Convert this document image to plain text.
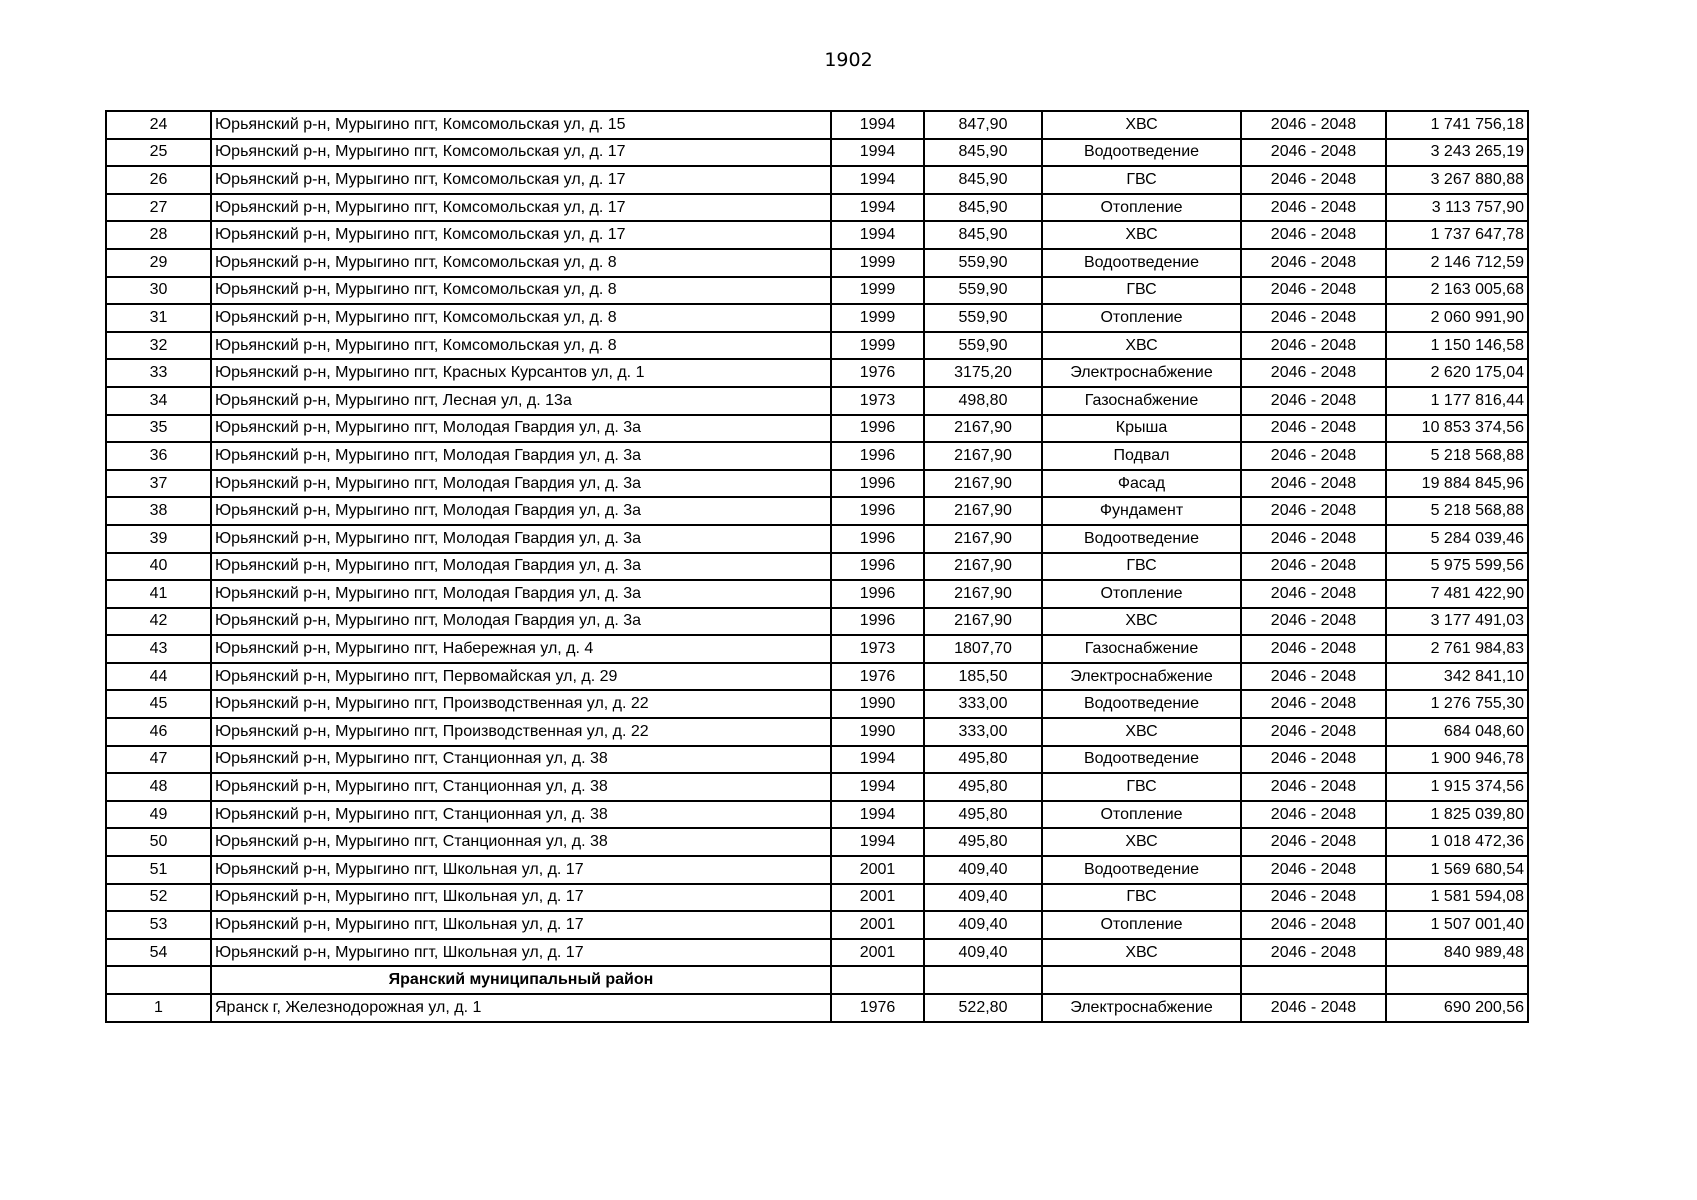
1902
24	Юрьянский р-н, Мурыгино пгт, Комсомольская ул, д. 15	1994	847,90	ХВС	2046 - 2048	1 741 756,18
25	Юрьянский р-н, Мурыгино пгт, Комсомольская ул, д. 17	1994	845,90	Водоотведение	2046 - 2048	3 243 265,19
26	Юрьянский р-н, Мурыгино пгт, Комсомольская ул, д. 17	1994	845,90	ГВС	2046 - 2048	3 267 880,88
27	Юрьянский р-н, Мурыгино пгт, Комсомольская ул, д. 17	1994	845,90	Отопление	2046 - 2048	3 113 757,90
28	Юрьянский р-н, Мурыгино пгт, Комсомольская ул, д. 17	1994	845,90	ХВС	2046 - 2048	1 737 647,78
29	Юрьянский р-н, Мурыгино пгт, Комсомольская ул, д. 8	1999	559,90	Водоотведение	2046 - 2048	2 146 712,59
30	Юрьянский р-н, Мурыгино пгт, Комсомольская ул, д. 8	1999	559,90	ГВС	2046 - 2048	2 163 005,68
31	Юрьянский р-н, Мурыгино пгт, Комсомольская ул, д. 8	1999	559,90	Отопление	2046 - 2048	2 060 991,90
32	Юрьянский р-н, Мурыгино пгт, Комсомольская ул, д. 8	1999	559,90	ХВС	2046 - 2048	1 150 146,58
33	Юрьянский р-н, Мурыгино пгт, Красных Курсантов ул, д. 1	1976	3175,20	Электроснабжение	2046 - 2048	2 620 175,04
34	Юрьянский р-н, Мурыгино пгт, Лесная ул, д. 13а	1973	498,80	Газоснабжение	2046 - 2048	1 177 816,44
35	Юрьянский р-н, Мурыгино пгт, Молодая Гвардия ул, д. 3а	1996	2167,90	Крыша	2046 - 2048	10 853 374,56
36	Юрьянский р-н, Мурыгино пгт, Молодая Гвардия ул, д. 3а	1996	2167,90	Подвал	2046 - 2048	5 218 568,88
37	Юрьянский р-н, Мурыгино пгт, Молодая Гвардия ул, д. 3а	1996	2167,90	Фасад	2046 - 2048	19 884 845,96
38	Юрьянский р-н, Мурыгино пгт, Молодая Гвардия ул, д. 3а	1996	2167,90	Фундамент	2046 - 2048	5 218 568,88
39	Юрьянский р-н, Мурыгино пгт, Молодая Гвардия ул, д. 3а	1996	2167,90	Водоотведение	2046 - 2048	5 284 039,46
40	Юрьянский р-н, Мурыгино пгт, Молодая Гвардия ул, д. 3а	1996	2167,90	ГВС	2046 - 2048	5 975 599,56
41	Юрьянский р-н, Мурыгино пгт, Молодая Гвардия ул, д. 3а	1996	2167,90	Отопление	2046 - 2048	7 481 422,90
42	Юрьянский р-н, Мурыгино пгт, Молодая Гвардия ул, д. 3а	1996	2167,90	ХВС	2046 - 2048	3 177 491,03
43	Юрьянский р-н, Мурыгино пгт, Набережная ул, д. 4	1973	1807,70	Газоснабжение	2046 - 2048	2 761 984,83
44	Юрьянский р-н, Мурыгино пгт, Первомайская ул, д. 29	1976	185,50	Электроснабжение	2046 - 2048	342 841,10
45	Юрьянский р-н, Мурыгино пгт, Производственная ул, д. 22	1990	333,00	Водоотведение	2046 - 2048	1 276 755,30
46	Юрьянский р-н, Мурыгино пгт, Производственная ул, д. 22	1990	333,00	ХВС	2046 - 2048	684 048,60
47	Юрьянский р-н, Мурыгино пгт, Станционная ул, д. 38	1994	495,80	Водоотведение	2046 - 2048	1 900 946,78
48	Юрьянский р-н, Мурыгино пгт, Станционная ул, д. 38	1994	495,80	ГВС	2046 - 2048	1 915 374,56
49	Юрьянский р-н, Мурыгино пгт, Станционная ул, д. 38	1994	495,80	Отопление	2046 - 2048	1 825 039,80
50	Юрьянский р-н, Мурыгино пгт, Станционная ул, д. 38	1994	495,80	ХВС	2046 - 2048	1 018 472,36
51	Юрьянский р-н, Мурыгино пгт, Школьная ул, д. 17	2001	409,40	Водоотведение	2046 - 2048	1 569 680,54
52	Юрьянский р-н, Мурыгино пгт, Школьная ул, д. 17	2001	409,40	ГВС	2046 - 2048	1 581 594,08
53	Юрьянский р-н, Мурыгино пгт, Школьная ул, д. 17	2001	409,40	Отопление	2046 - 2048	1 507 001,40
54	Юрьянский р-н, Мурыгино пгт, Школьная ул, д. 17	2001	409,40	ХВС	2046 - 2048	840 989,48
	Яранский муниципальный район					
1	Яранск г, Железнодорожная ул, д. 1	1976	522,80	Электроснабжение	2046 - 2048	690 200,56
